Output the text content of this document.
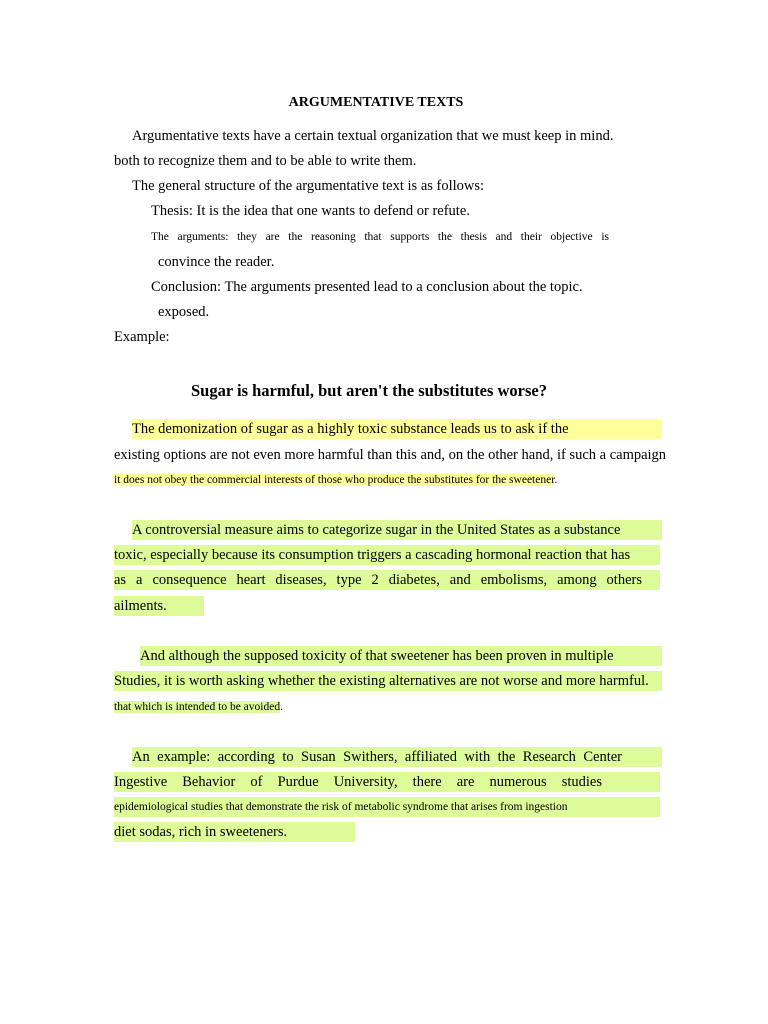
ARGUMENTATIVE TEXTS
Argumentative texts have a certain textual organization that we must keep in mind.
both to recognize them and to be able to write them.
The general structure of the argumentative text is as follows:
Thesis: It is the idea that one wants to defend or refute.
The arguments: they are the reasoning that supports the thesis and their objective is
convince the reader.
Conclusion: The arguments presented lead to a conclusion about the topic.
exposed.
Example:
Sugar is harmful, but aren't the substitutes worse?
The demonization of sugar as a highly toxic substance leads us to ask if the
existing options are not even more harmful than this and, on the other hand, if such a campaign
it does not obey the commercial interests of those who produce the substitutes for the sweetener.
A controversial measure aims to categorize sugar in the United States as a substance
toxic, especially because its consumption triggers a cascading hormonal reaction that has
as a consequence heart diseases, type 2 diabetes, and embolisms, among others
ailments.
And although the supposed toxicity of that sweetener has been proven in multiple
Studies, it is worth asking whether the existing alternatives are not worse and more harmful.
that which is intended to be avoided.
An example: according to Susan Swithers, affiliated with the Research Center
Ingestive Behavior of Purdue University, there are numerous studies
epidemiological studies that demonstrate the risk of metabolic syndrome that arises from ingestion
diet sodas, rich in sweeteners.
